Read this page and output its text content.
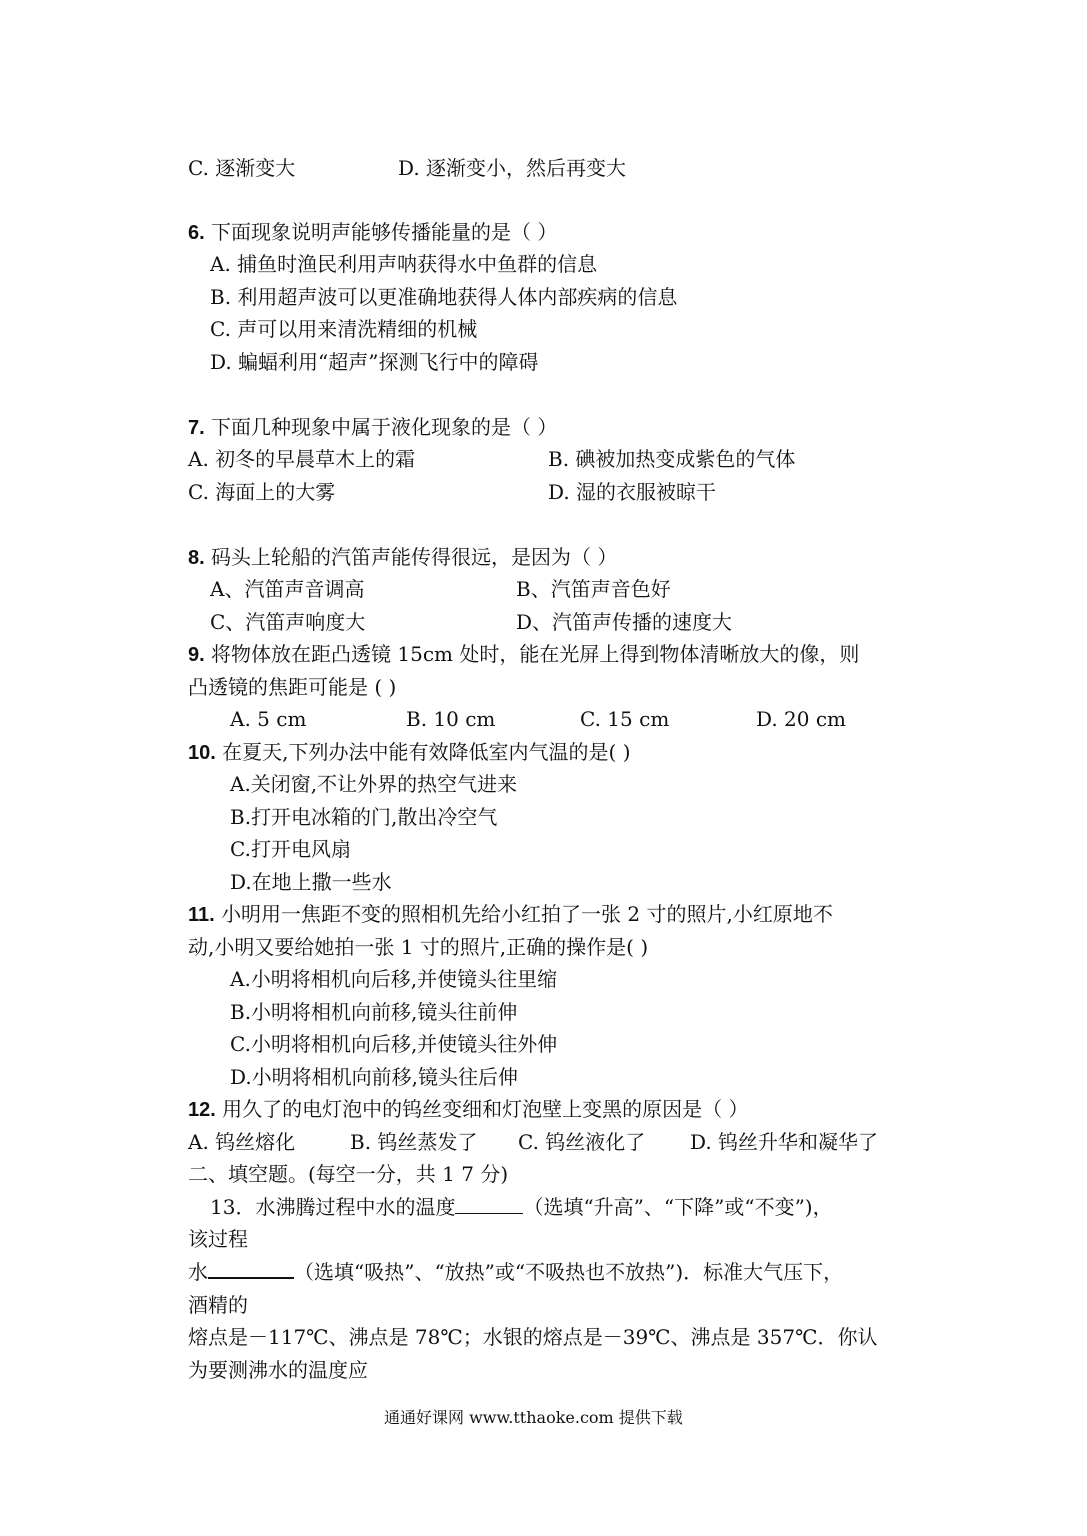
C. 逐渐变大	D. 逐渐变小，然后再变大
6. 下面现象说明声能够传播能量的是（ ）
A. 捕鱼时渔民利用声呐获得水中鱼群的信息
B. 利用超声波可以更准确地获得人体内部疾病的信息
C. 声可以用来清洗精细的机械
D. 蝙蝠利用“超声”探测飞行中的障碍
7. 下面几种现象中属于液化现象的是（ ）
A. 初冬的早晨草木上的霜	B. 碘被加热变成紫色的气体
C. 海面上的大雾	D. 湿的衣服被晾干
8. 码头上轮船的汽笛声能传得很远，是因为（ ）
A、汽笛声音调高	B、汽笛声音色好
C、汽笛声响度大	D、汽笛声传播的速度大
9. 将物体放在距凸透镜 15cm 处时，能在光屏上得到物体清晰放大的像，则
凸透镜的焦距可能是 ( )
A. 5 cm	B. 10 cm	C. 15 cm	D. 20 cm
10. 在夏天,下列办法中能有效降低室内气温的是( )
A.关闭窗,不让外界的热空气进来
B.打开电冰箱的门,散出冷空气
C.打开电风扇
D.在地上撒一些水
11. 小明用一焦距不变的照相机先给小红拍了一张 2 寸的照片,小红原地不
动,小明又要给她拍一张 1 寸的照片,正确的操作是( )
A.小明将相机向后移,并使镜头往里缩
B.小明将相机向前移,镜头往前伸
C.小明将相机向后移,并使镜头往外伸
D.小明将相机向前移,镜头往后伸
12. 用久了的电灯泡中的钨丝变细和灯泡壁上变黑的原因是（ ）
A. 钨丝熔化	B. 钨丝蒸发了 C. 钨丝液化了 D. 钨丝升华和凝华了
二、填空题。(每空一分，共 1 7 分)
13．水沸腾过程中水的温度	（选填“升高”、“下降”或“不变”)，
该过程
水	（选填“吸热”、“放热”或“不吸热也不放热”)．标准大气压下，
酒精的
熔点是－117℃、沸点是 78℃；水银的熔点是－39℃、沸点是 357℃．你认
为要测沸水的温度应
通通好课网 www.tthaoke.com 提供下载
